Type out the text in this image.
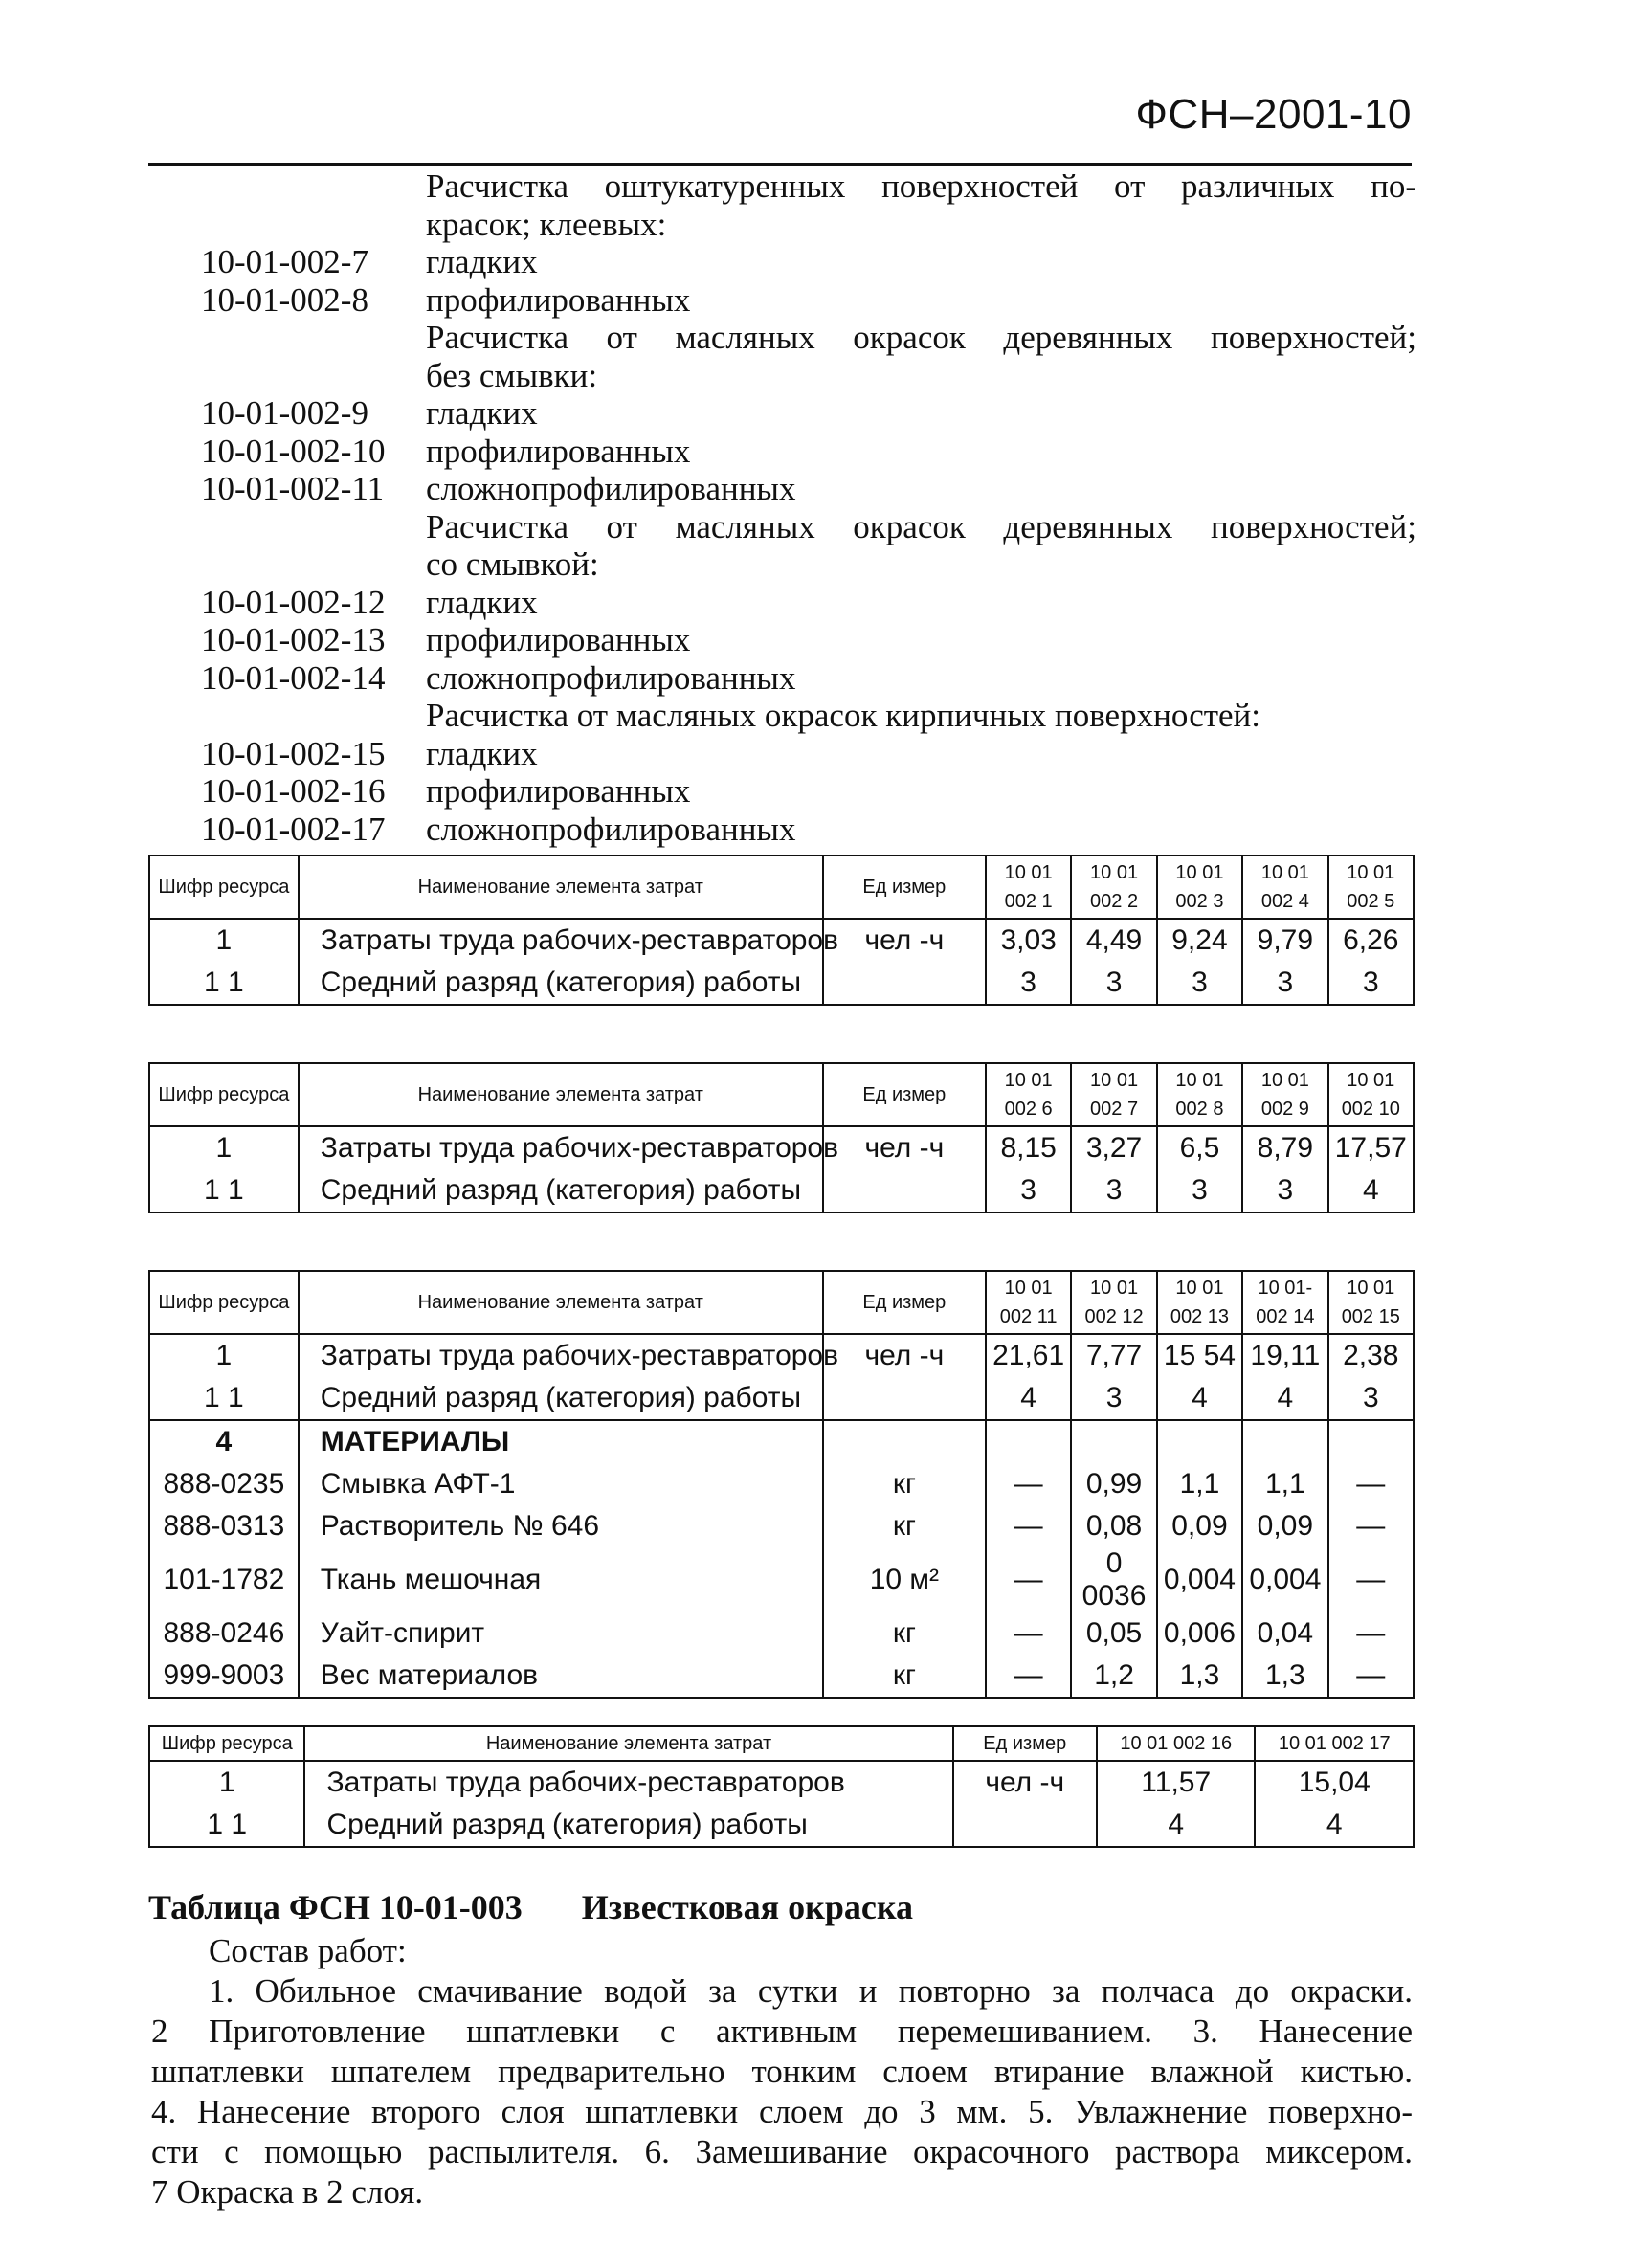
ФСН–2001-10
Расчистка оштукатуренных поверхностей от различных по-
красок; клеевых:
10-01-002-7	гладких
10-01-002-8	профилированных
Расчистка от масляных окрасок деревянных поверхностей;
без смывки:
10-01-002-9	гладких
10-01-002-10	профилированных
10-01-002-11	сложнопрофилированных
Расчистка от масляных окрасок деревянных поверхностей;
со смывкой:
10-01-002-12	гладких
10-01-002-13	профилированных
10-01-002-14	сложнопрофилированных
Расчистка от масляных окрасок кирпичных поверхностей:
10-01-002-15	гладких
10-01-002-16	профилированных
10-01-002-17	сложнопрофилированных
Шифр ресурса	Наименование элемента затрат	Ед измер	10 01 002 1	10 01 002 2	10 01 002 3	10 01 002 4	10 01 002 5
1	Затраты труда рабочих-реставраторов	чел -ч	3,03	4,49	9,24	9,79	6,26
1 1	Средний разряд (категория) работы		3	3	3	3	3
Шифр ресурса	Наименование элемента затрат	Ед измер	10 01 002 6	10 01 002 7	10 01 002 8	10 01 002 9	10 01 002 10
1	Затраты труда рабочих-реставраторов	чел -ч	8,15	3,27	6,5	8,79	17,57
1 1	Средний разряд (категория) работы		3	3	3	3	4
Шифр ресурса	Наименование элемента затрат	Ед измер	10 01 002 11	10 01 002 12	10 01 002 13	10 01- 002 14	10 01 002 15
1	Затраты труда рабочих-реставраторов	чел -ч	21,61	7,77	15 54	19,11	2,38
1 1	Средний разряд (категория) работы		4	3	4	4	3
4	МАТЕРИАЛЫ						
888-0235	Смывка АФТ-1	кг	—	0,99	1,1	1,1	—
888-0313	Растворитель № 646	кг	—	0,08	0,09	0,09	—
101-1782	Ткань мешочная	10 м²	—	0 0036	0,004	0,004	—
888-0246	Уайт-спирит	кг	—	0,05	0,006	0,04	—
999-9003	Вес материалов	кг	—	1,2	1,3	1,3	—
Шифр ресурса	Наименование элемента затрат	Ед измер	10 01 002 16	10 01 002 17
1	Затраты труда рабочих-реставраторов	чел -ч	11,57	15,04
1 1	Средний разряд (категория) работы		4	4
Таблица ФСН 10-01-003 Известковая окраска
Состав работ:
1. Обильное смачивание водой за сутки и повторно за полчаса до окраски.
2 Приготовление шпатлевки с активным перемешиванием. 3. Нанесение
шпатлевки шпателем предварительно тонким слоем втирание влажной кистью.
4. Нанесение второго слоя шпатлевки слоем до 3 мм. 5. Увлажнение поверхно-
сти с помощью распылителя. 6. Замешивание окрасочного раствора миксером.
7 Окраска в 2 слоя.
